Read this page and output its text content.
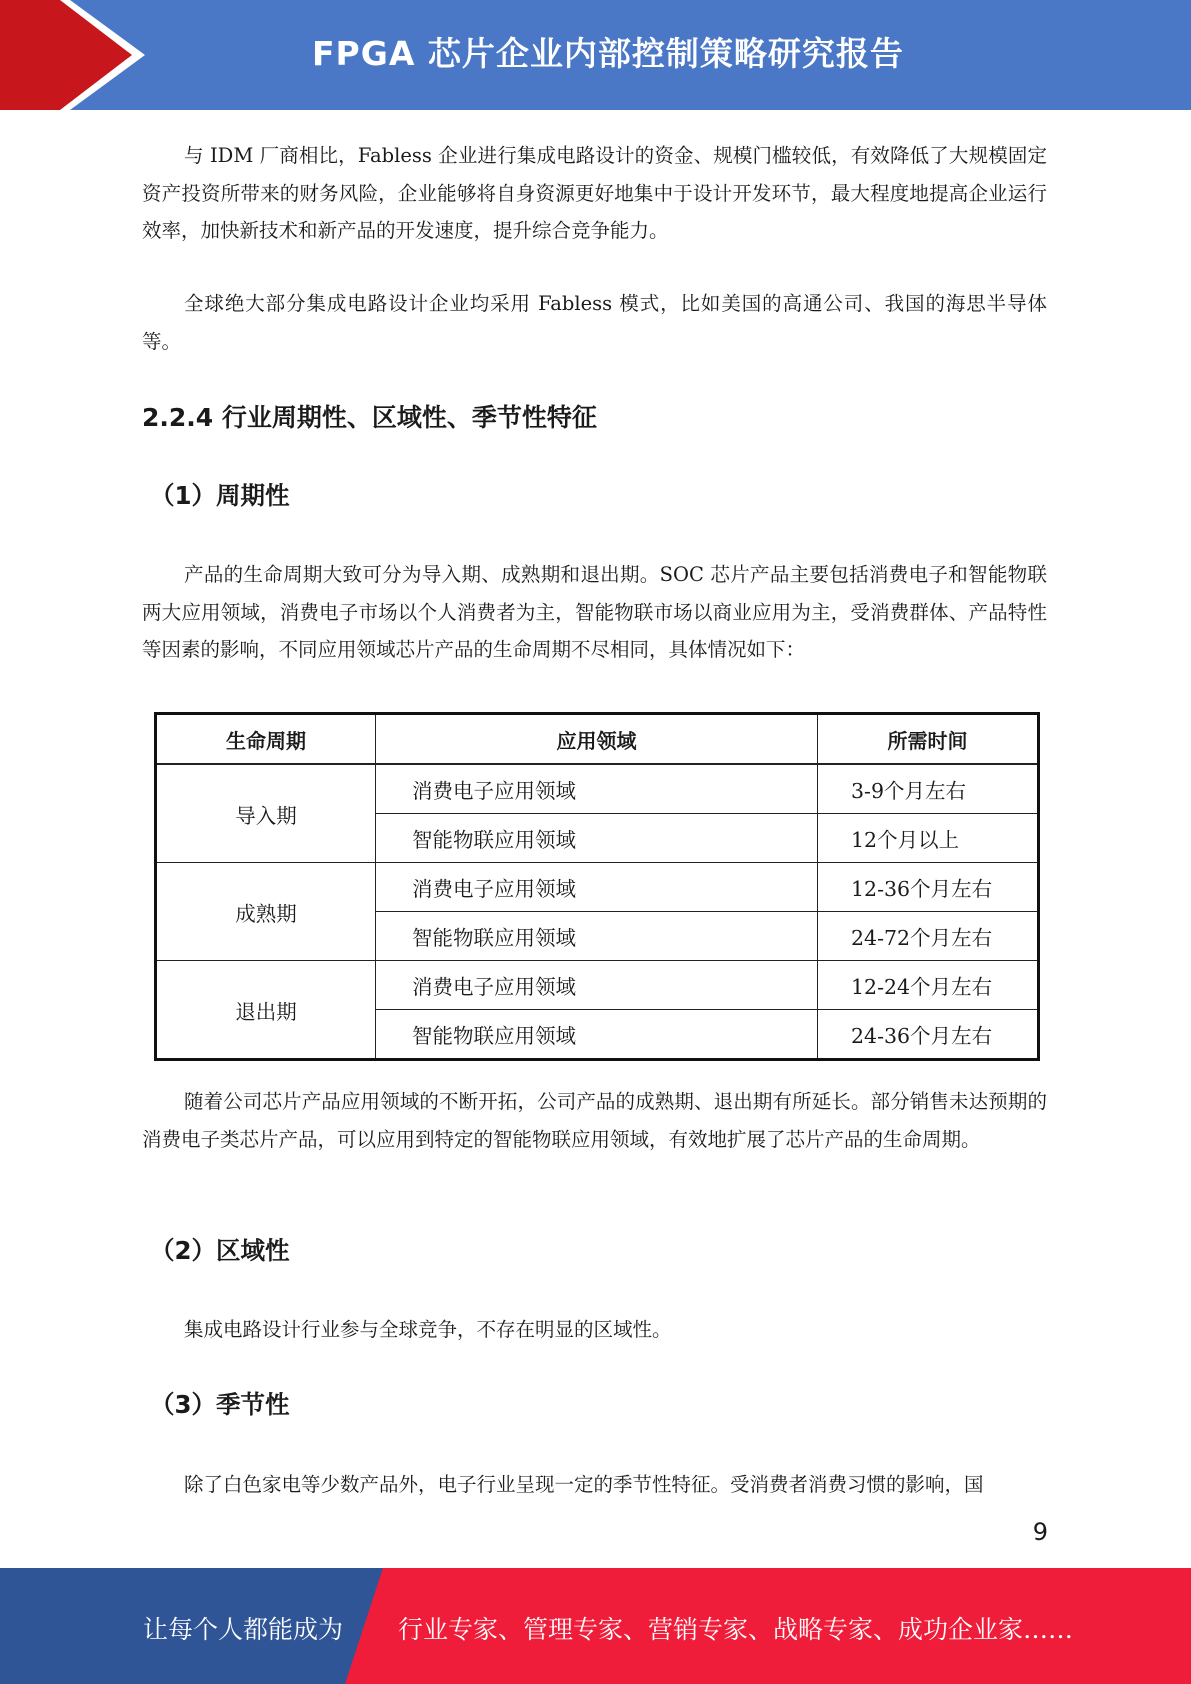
FPGA 芯片企业内部控制策略研究报告

与 IDM 厂商相比，Fabless 企业进行集成电路设计的资金、规模门槛较低，有效降低了大规模固定资产投资所带来的财务风险，企业能够将自身资源更好地集中于设计开发环节，最大程度地提高企业运行效率，加快新技术和新产品的开发速度，提升综合竞争能力。

全球绝大部分集成电路设计企业均采用 Fabless 模式，比如美国的高通公司、我国的海思半导体等。

2.2.4 行业周期性、区域性、季节性特征
（1）周期性

产品的生命周期大致可分为导入期、成熟期和退出期。SOC 芯片产品主要包括消费电子和智能物联两大应用领域，消费电子市场以个人消费者为主，智能物联市场以商业应用为主，受消费群体、产品特性等因素的影响，不同应用领域芯片产品的生命周期不尽相同，具体情况如下：

生命周期	应用领域	所需时间
导入期	消费电子应用领域	3-9个月左右
	智能物联应用领域	12个月以上
成熟期	消费电子应用领域	12-36个月左右
	智能物联应用领域	24-72个月左右
退出期	消费电子应用领域	12-24个月左右
	智能物联应用领域	24-36个月左右

随着公司芯片产品应用领域的不断开拓，公司产品的成熟期、退出期有所延长。部分销售未达预期的消费电子类芯片产品，可以应用到特定的智能物联应用领域，有效地扩展了芯片产品的生命周期。

（2）区域性

集成电路设计行业参与全球竞争，不存在明显的区域性。

（3）季节性

除了白色家电等少数产品外，电子行业呈现一定的季节性特征。受消费者消费习惯的影响，国

9
让每个人都能成为 行业专家、管理专家、营销专家、战略专家、成功企业家……
